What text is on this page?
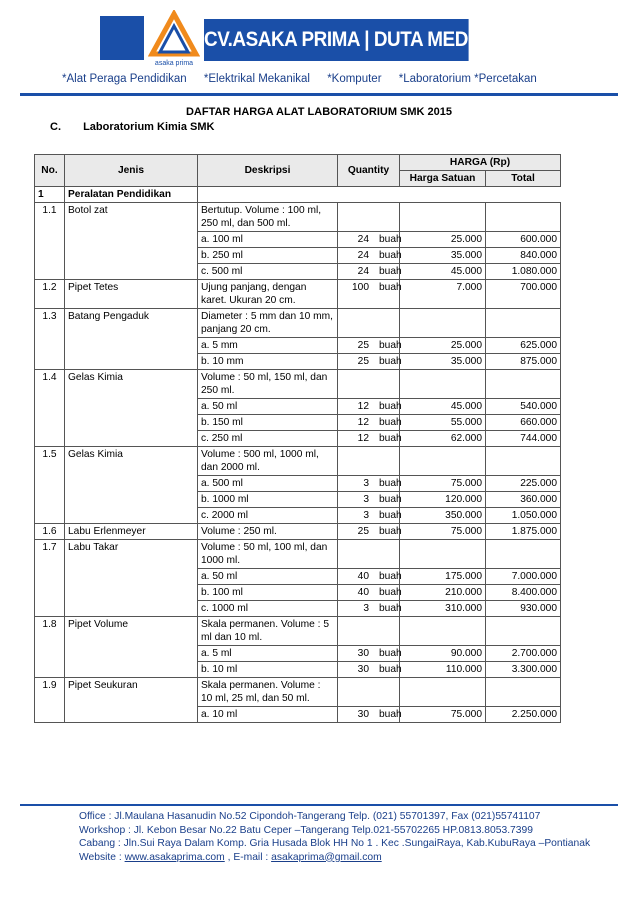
asaka prima
CV.ASAKA PRIMA | DUTA MEDIA GROUP
*Alat Peraga Pendidikan *Elektrikal Mekanikal *Komputer *Laboratorium *Percetakan
DAFTAR HARGA ALAT LABORATORIUM SMK 2015
C. Laboratorium Kimia SMK
No.	Jenis	Deskripsi	Quantity	HARGA (Rp)	
				Harga Satuan	Total
1	Peralatan Pendidikan				
1.1	Botol zat	Bertutup. Volume : 100 ml, 250 ml, dan 500 ml.			
		a. 100 ml	24 buah	25.000	600.000
		b. 250 ml	24 buah	35.000	840.000
		c. 500 ml	24 buah	45.000	1.080.000
1.2	Pipet Tetes	Ujung panjang, dengan karet. Ukuran 20 cm.	100 buah	7.000	700.000
1.3	Batang Pengaduk	Diameter : 5 mm dan 10 mm, panjang 20 cm.			
		a. 5 mm	25 buah	25.000	625.000
		b. 10 mm	25 buah	35.000	875.000
1.4	Gelas Kimia	Volume : 50 ml, 150 ml, dan 250 ml.			
		a. 50 ml	12 buah	45.000	540.000
		b. 150 ml	12 buah	55.000	660.000
		c. 250 ml	12 buah	62.000	744.000
1.5	Gelas Kimia	Volume : 500 ml, 1000 ml, dan 2000 ml.			
		a. 500 ml	3 buah	75.000	225.000
		b. 1000 ml	3 buah	120.000	360.000
		c. 2000 ml	3 buah	350.000	1.050.000
1.6	Labu Erlenmeyer	Volume : 250 ml.	25 buah	75.000	1.875.000
1.7	Labu Takar	Volume : 50 ml, 100 ml, dan 1000 ml.			
		a. 50 ml	40 buah	175.000	7.000.000
		b. 100 ml	40 buah	210.000	8.400.000
		c. 1000 ml	3 buah	310.000	930.000
1.8	Pipet Volume	Skala permanen. Volume : 5 ml dan 10 ml.			
		a. 5 ml	30 buah	90.000	2.700.000
		b. 10 ml	30 buah	110.000	3.300.000
1.9	Pipet Seukuran	Skala permanen. Volume : 10 ml, 25 ml, dan 50 ml.			
		a. 10 ml	30 buah	75.000	2.250.000
Office : Jl.Maulana Hasanudin No.52 Cipondoh-Tangerang Telp. (021) 55701397, Fax (021)55741107
Workshop : Jl. Kebon Besar No.22 Batu Ceper –Tangerang Telp.021-55702265 HP.0813.8053.7399
Cabang : Jln.Sui Raya Dalam Komp. Gria Husada Blok HH No 1 . Kec .SungaiRaya, Kab.KubuRaya –Pontianak
Website : www.asakaprima.com , E-mail : asakaprima@gmail.com
